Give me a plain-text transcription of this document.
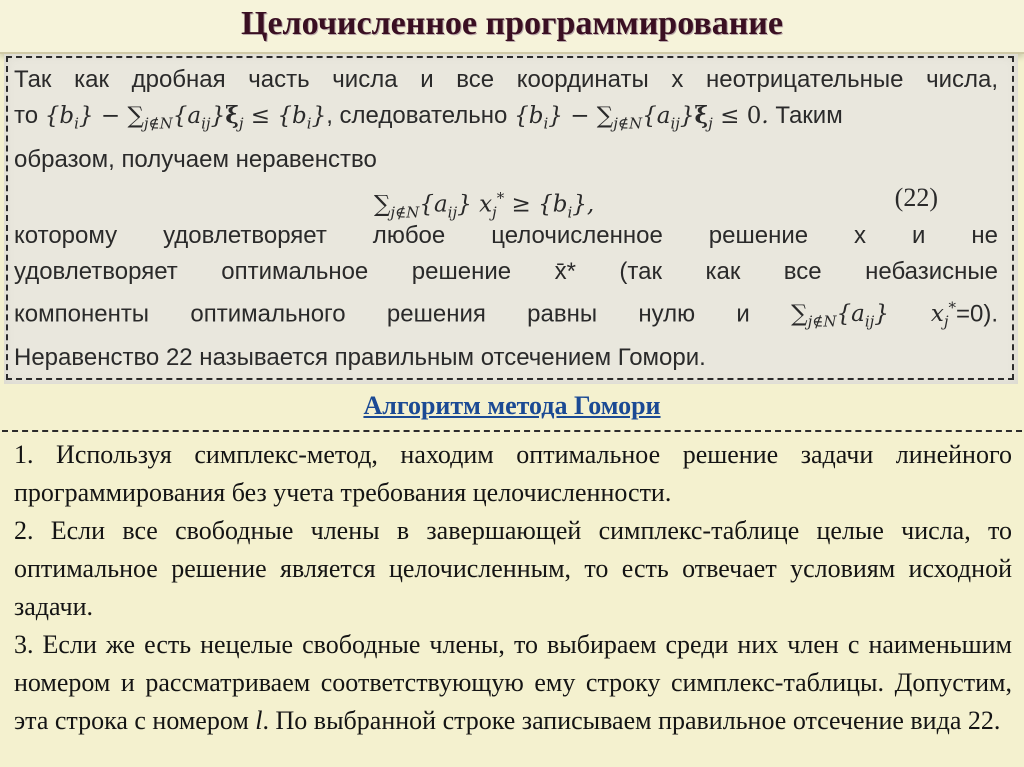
Целочисленное программирование

Так как дробная часть числа и все координаты x неотрицательные числа,

то $\{b_i\} - \sum_{j\notin N}\{a_{ij}\}\xi_j \le \{b_i\}$, следовательно $\{b_i\} - \sum_{j\notin N}\{a_{ij}\}\xi_j \le 0$. Таким

образом, получаем неравенство

$\sum_{j\notin N}\{a_{ij}\} x_j^* \ge \{b_i\}$,	(22)

которому удовлетворяет любое целочисленное решение x и не

удовлетворяет оптимальное решение x̄* (так как все небазисные

компоненты оптимального решения равны нулю и $\sum_{j\notin N}\{a_{ij}\}$ $x_j^*=0$).

Неравенство 22 называется правильным отсечением Гомори.

Алгоритм метода Гомори

1. Используя симплекс-метод, находим оптимальное решение задачи линейного программирования без учета требования целочисленности.

2. Если все свободные члены в завершающей симплекс-таблице целые числа, то оптимальное решение является целочисленным, то есть отвечает условиям исходной задачи.

3. Если же есть нецелые свободные члены, то выбираем среди них член с наименьшим номером и рассматриваем соответствующую ему строку симплекс-таблицы. Допустим, эта строка с номером l. По выбранной строке записываем правильное отсечение вида 22.
